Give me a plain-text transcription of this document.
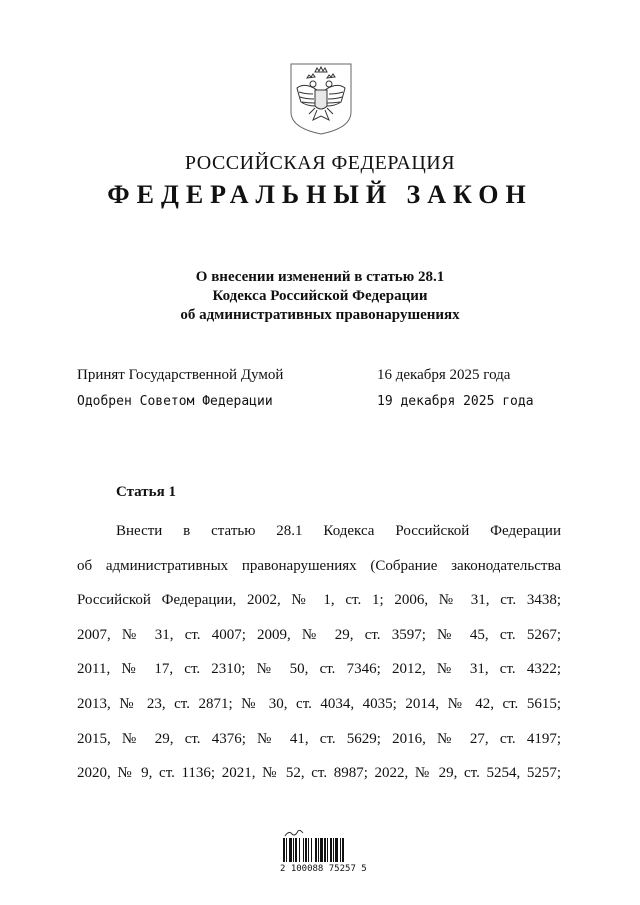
РОССИЙСКАЯ ФЕДЕРАЦИЯ
ФЕДЕРАЛЬНЫЙ ЗАКОН
О внесении изменений в статью 28.1
Кодекса Российской Федерации
об административных правонарушениях
Принят Государственной Думой	16 декабря 2025 года
Одобрен Советом Федерации	19 декабря 2025 года
Статья 1
Внести в статью 28.1 Кодекса Российской Федерации
об административных правонарушениях (Собрание законодательства
Российской Федерации, 2002, № 1, ст. 1; 2006, № 31, ст. 3438;
2007, № 31, ст. 4007; 2009, № 29, ст. 3597; № 45, ст. 5267;
2011, № 17, ст. 2310; № 50, ст. 7346; 2012, № 31, ст. 4322;
2013, № 23, ст. 2871; № 30, ст. 4034, 4035; 2014, № 42, ст. 5615;
2015, № 29, ст. 4376; № 41, ст. 5629; 2016, № 27, ст. 4197;
2020, № 9, ст. 1136; 2021, № 52, ст. 8987; 2022, № 29, ст. 5254, 5257;
2 100088 75257 5
